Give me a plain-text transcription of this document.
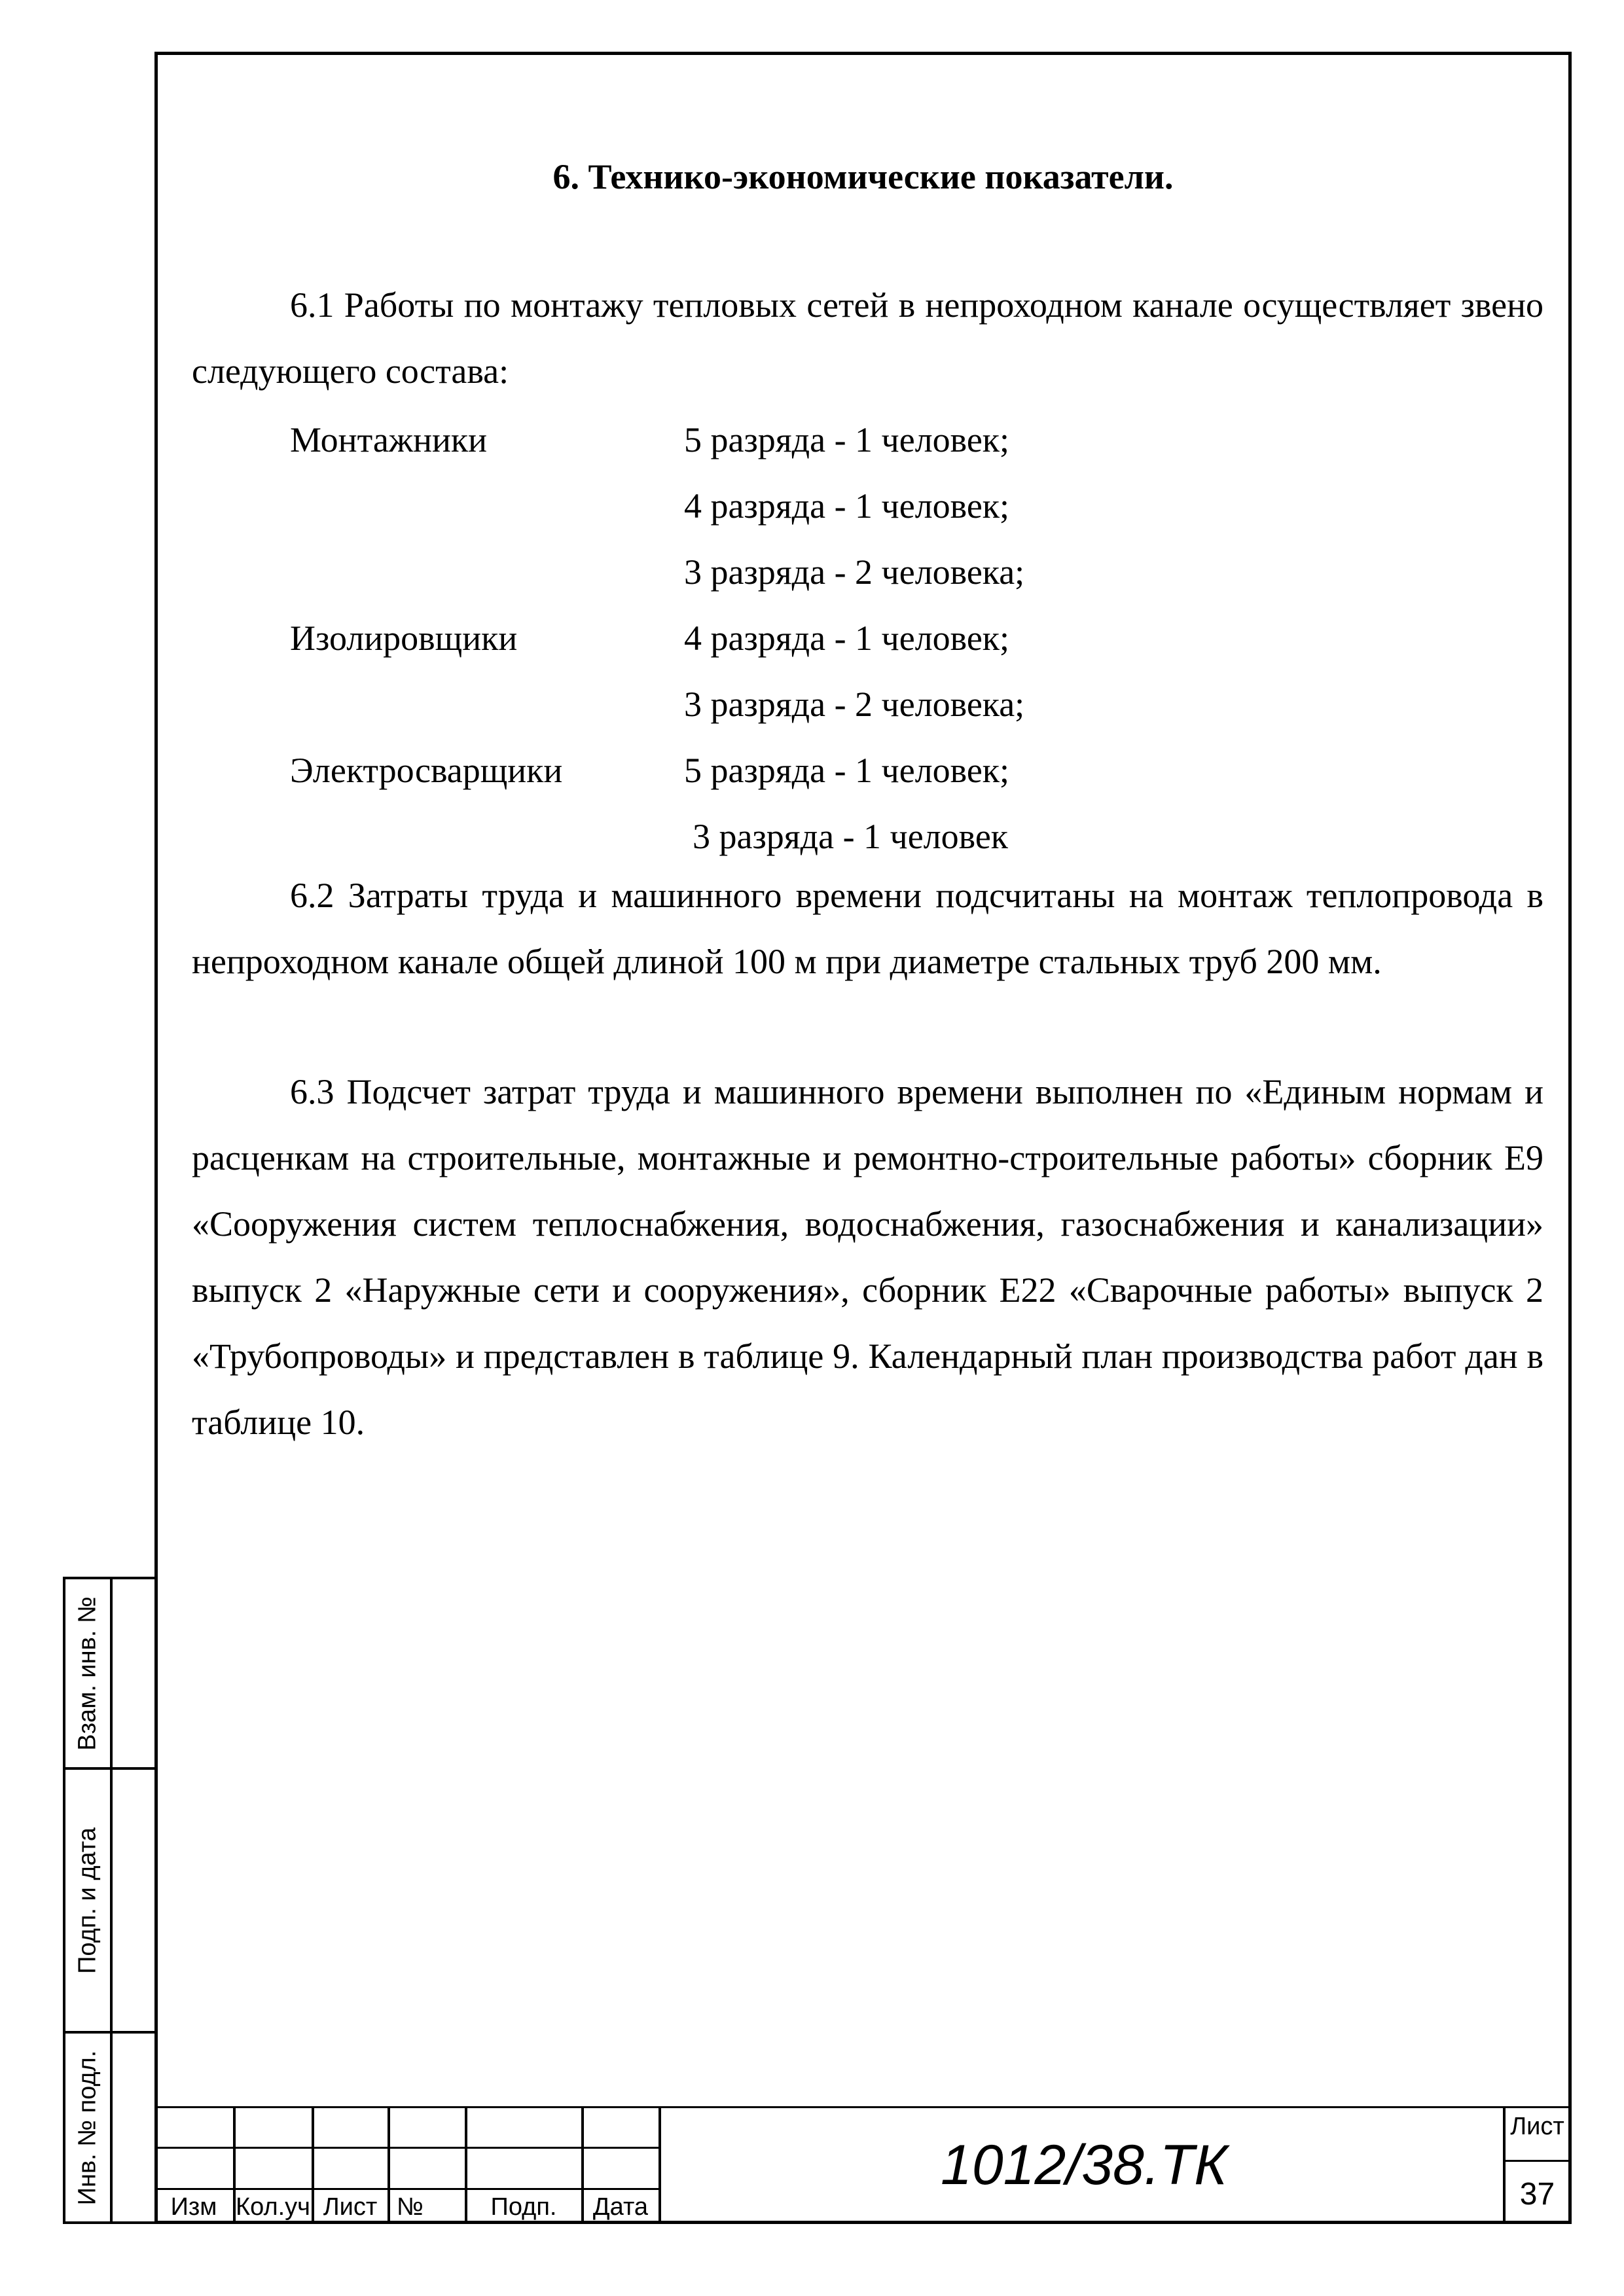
6. Технико-экономические показатели.

6.1 Работы по монтажу тепловых сетей в непроходном канале осуществляет звено следующего состава:

Монтажники	5 разряда - 1 человек;
4 разряда - 1 человек;
3 разряда - 2 человека;
Изолировщики	4 разряда - 1 человек;
3 разряда - 2 человека;
Электросварщики	5 разряда - 1 человек;
3 разряда - 1 человек

6.2 Затраты труда и машинного времени подсчитаны на монтаж теплопровода в непроходном канале общей длиной 100 м при диаметре стальных труб 200 мм.

6.3 Подсчет затрат труда и машинного времени выполнен по «Единым нормам и расценкам на строительные, монтажные и ремонтно-строительные работы» сборник Е9 «Сооружения систем теплоснабжения, водоснабжения, газоснабжения и канализации» выпуск 2 «Наружные сети и сооружения», сборник Е22 «Сварочные работы» выпуск 2 «Трубопроводы» и представлен в таблице 9. Календарный план производства работ дан в таблице 10.

Взам. инв. №
Подп. и дата
Инв. № подл.
Изм Кол.уч Лист №	Подп.	Дата
1012/38.ТК
Лист
37
